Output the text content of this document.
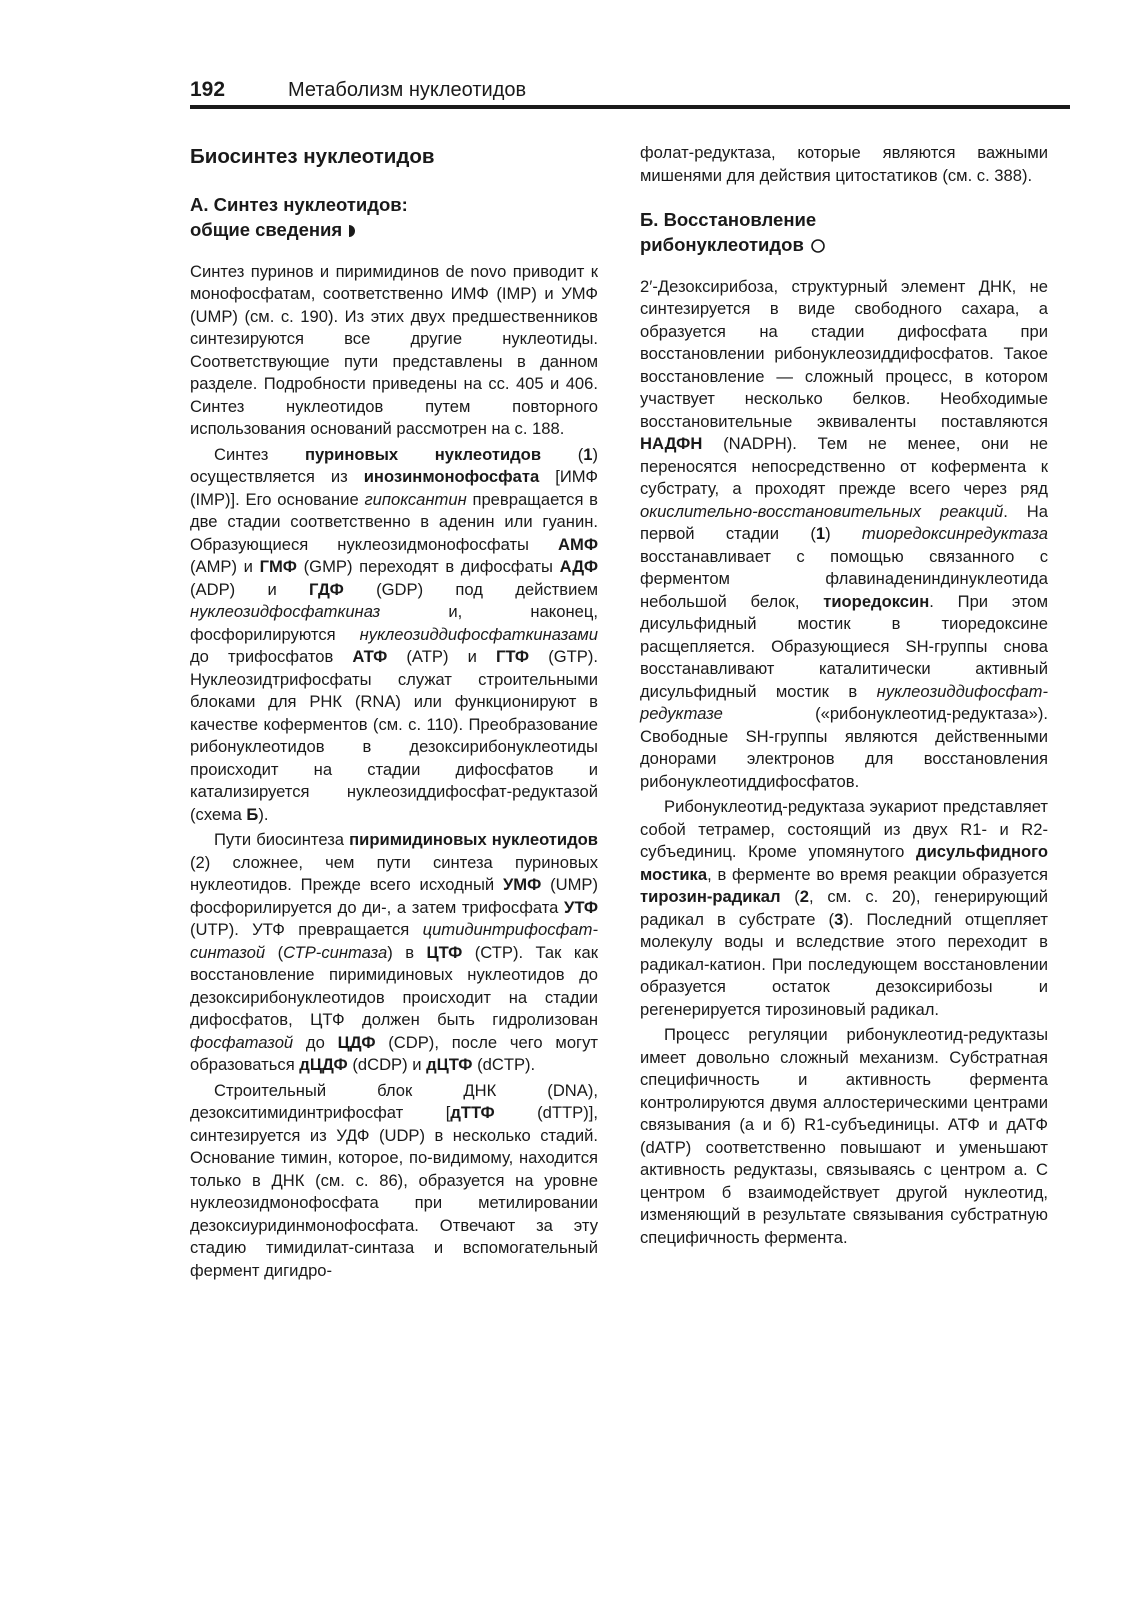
192	Метаболизм нуклеотидов
Биосинтез нуклеотидов
А. Синтез нуклеотидов:
общие сведения

Синтез пуринов и пиримидинов de novo приводит к монофосфатам, соответственно ИМФ (IMP) и УМФ (UMP) (см. с. 190). Из этих двух предшественников синтезируются все другие нуклеотиды. Соответствующие пути представлены в данном разделе. Подробности приведены на сс. 405 и 406. Синтез нуклеотидов путем повторного использования оснований рассмотрен на с. 188.

Синтез пуриновых нуклеотидов (1) осуществляется из инозинмонофосфата [ИМФ (IMP)]. Его основание гипоксантин превращается в две стадии соответственно в аденин или гуанин. Образующиеся нуклеозидмонофосфаты АМФ (AMP) и ГМФ (GMP) переходят в дифосфаты АДФ (ADP) и ГДФ (GDP) под действием нуклеозидфосфаткиназ и, наконец, фосфорилируются нуклеозиддифосфаткиназами до трифосфатов АТФ (ATP) и ГТФ (GTP). Нуклеозидтрифосфаты служат строительными блоками для РНК (RNA) или функционируют в качестве коферментов (см. с. 110). Преобразование рибонуклеотидов в дезоксирибонуклеотиды происходит на стадии дифосфатов и катализируется нуклеозиддифосфат-редуктазой (схема Б).

Пути биосинтеза пиримидиновых нуклеотидов (2) сложнее, чем пути синтеза пуриновых нуклеотидов. Прежде всего исходный УМФ (UMP) фосфорилируется до ди-, а затем трифосфата УТФ (UTP). УТФ превращается цитидинтрифосфат-синтазой (СТР-синтаза) в ЦТФ (СТР). Так как восстановление пиримидиновых нуклеотидов до дезоксирибонуклеотидов происходит на стадии дифосфатов, ЦТФ должен быть гидролизован фосфатазой до ЦДФ (CDP), после чего могут образоваться дЦДФ (dCDP) и дЦТФ (dCTP).

Строительный блок ДНК (DNA), дезокситимидинтрифосфат [дТТФ (dTTP)], синтезируется из УДФ (UDP) в несколько стадий. Основание тимин, которое, по-видимому, находится только в ДНК (см. с. 86), образуется на уровне нуклеозидмонофосфата при метилировании дезоксиуридинмонофосфата. Отвечают за эту стадию тимидилат-синтаза и вспомогательный фермент дигидро-

фолат-редуктаза, которые являются важными мишенями для действия цитостатиков (см. с. 388).

Б. Восстановление
рибонуклеотидов

2′-Дезоксирибоза, структурный элемент ДНК, не синтезируется в виде свободного сахара, а образуется на стадии дифосфата при восстановлении рибонуклеозиддифосфатов. Такое восстановление — сложный процесс, в котором участвует несколько белков. Необходимые восстановительные эквиваленты поставляются НАДФН (NADPH). Тем не менее, они не переносятся непосредственно от кофермента к субстрату, а проходят прежде всего через ряд окислительно-восстановительных реакций. На первой стадии (1) тиоредоксинредуктаза восстанавливает с помощью связанного с ферментом флавинадениндинуклеотида небольшой белок, тиоредоксин. При этом дисульфидный мостик в тиоредоксине расщепляется. Образующиеся SH-группы снова восстанавливают каталитически активный дисульфидный мостик в нуклеозиддифосфат-редуктазе («рибонуклеотид-редуктаза»). Свободные SH-группы являются действенными донорами электронов для восстановления рибонуклеотиддифосфатов.

Рибонуклеотид-редуктаза эукариот представляет собой тетрамер, состоящий из двух R1- и R2-субъединиц. Кроме упомянутого дисульфидного мостика, в ферменте во время реакции образуется тирозин-радикал (2, см. с. 20), генерирующий радикал в субстрате (3). Последний отщепляет молекулу воды и вследствие этого переходит в радикал-катион. При последующем восстановлении образуется остаток дезоксирибозы и регенерируется тирозиновый радикал.

Процесс регуляции рибонуклеотид-редуктазы имеет довольно сложный механизм. Субстратная специфичность и активность фермента контролируются двумя аллостерическими центрами связывания (а и б) R1-субъединицы. АТФ и дАТФ (dATP) соответственно повышают и уменьшают активность редуктазы, связываясь с центром а. С центром б взаимодействует другой нуклеотид, изменяющий в результате связывания субстратную специфичность фермента.
